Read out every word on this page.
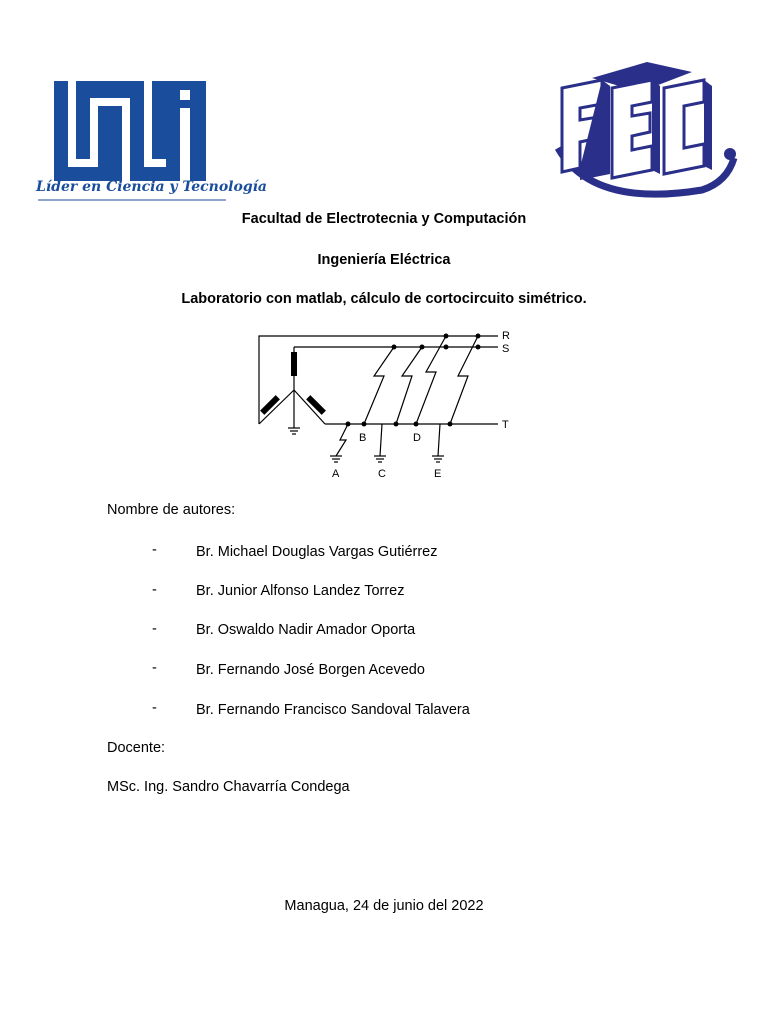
Líder en Ciencia y Tecnología
Facultad de Electrotecnia y Computación
Ingeniería Eléctrica
Laboratorio con matlab, cálculo de cortocircuito simétrico.
R
S
T
A
B
C
D
E
Nombre de autores:
-	Br. Michael Douglas Vargas Gutiérrez
-	Br. Junior Alfonso Landez Torrez
-	Br. Oswaldo Nadir Amador Oporta
-	Br. Fernando José Borgen Acevedo
-	Br. Fernando Francisco Sandoval Talavera
Docente:
MSc. Ing. Sandro Chavarría Condega
Managua, 24 de junio del 2022
